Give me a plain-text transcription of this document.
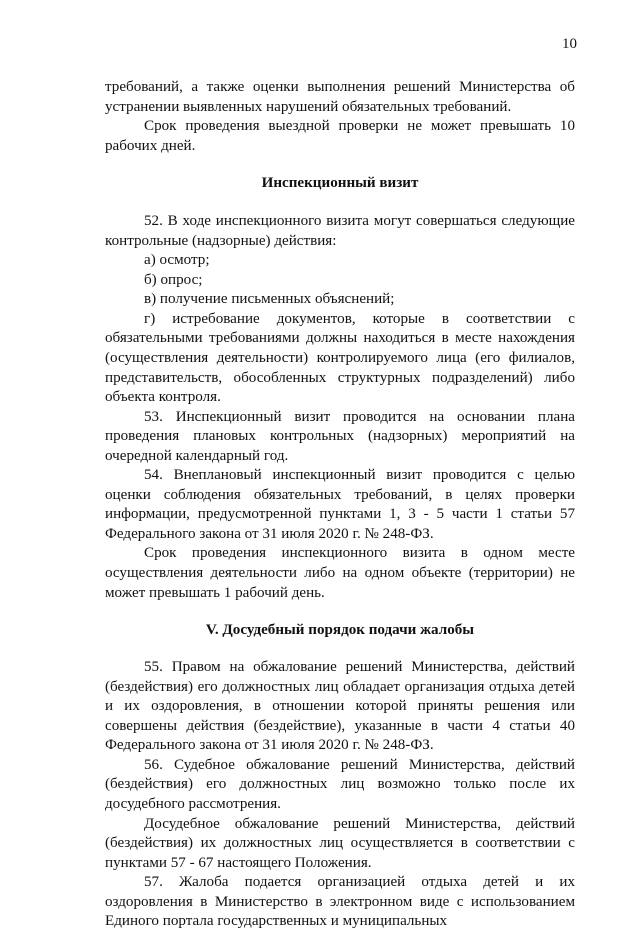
10

требований, а также оценки выполнения решений Министерства об устранении выявленных нарушений обязательных требований.

Срок проведения выездной проверки не может превышать 10 рабочих дней.

Инспекционный визит

52. В ходе инспекционного визита могут совершаться следующие контрольные (надзорные) действия:

а) осмотр;

б) опрос;

в) получение письменных объяснений;

г) истребование документов, которые в соответствии с обязательными требованиями должны находиться в месте нахождения (осуществления деятельности) контролируемого лица (его филиалов, представительств, обособленных структурных подразделений) либо объекта контроля.

53. Инспекционный визит проводится на основании плана проведения плановых контрольных (надзорных) мероприятий на очередной календарный год.

54. Внеплановый инспекционный визит проводится с целью оценки соблюдения обязательных требований, в целях проверки информации, предусмотренной пунктами 1, 3 - 5 части 1 статьи 57 Федерального закона от 31 июля 2020 г. № 248-ФЗ.

Срок проведения инспекционного визита в одном месте осуществления деятельности либо на одном объекте (территории) не может превышать 1 рабочий день.

V. Досудебный порядок подачи жалобы

55. Правом на обжалование решений Министерства, действий (бездействия) его должностных лиц обладает организация отдыха детей и их оздоровления, в отношении которой приняты решения или совершены действия (бездействие), указанные в части 4 статьи 40 Федерального закона от 31 июля 2020 г. № 248-ФЗ.

56. Судебное обжалование решений Министерства, действий (бездействия) его должностных лиц возможно только после их досудебного рассмотрения.

Досудебное обжалование решений Министерства, действий (бездействия) их должностных лиц осуществляется в соответствии с пунктами 57 - 67 настоящего Положения.

57. Жалоба подается организацией отдыха детей и их оздоровления в Министерство в электронном виде с использованием Единого портала государственных и муниципальных
